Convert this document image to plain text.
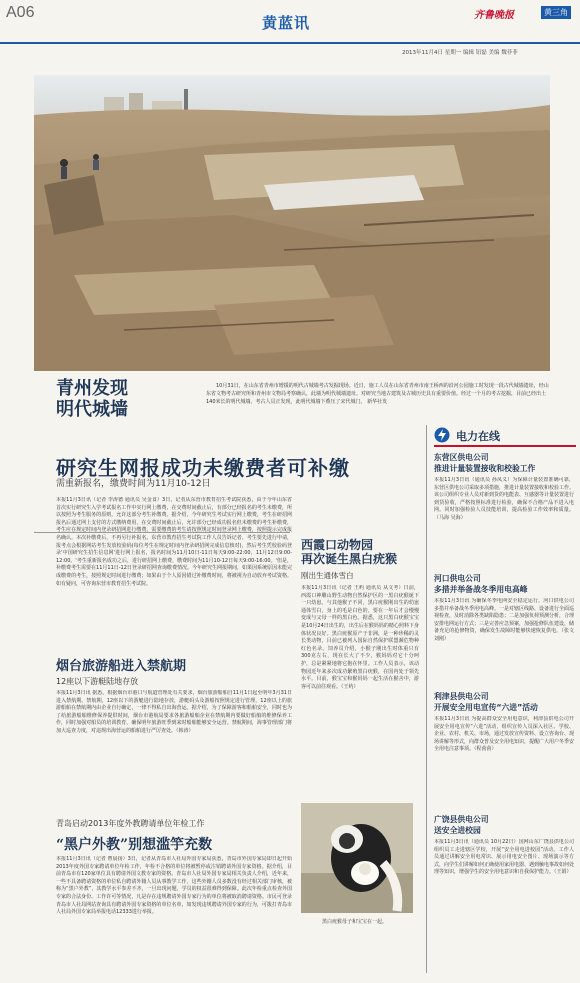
A06
黄蓝讯	齐鲁晚报	黄三角
2013年11月4日 星期一 编辑 钮磊 美编 魏菲菲
青州发现
明代城墙
10月31日，在山东省青州市增援的明代古城墙考古发掘现场。近日，施工人员在山东省青州市南王桥西的沿河公园施工时发现一段古代城墙遗址，经山东省文物考古研究所和青州市文物局考察确认，此墙为明代城墙遗址。对研究当地古建筑及古城历史具有重要价值。经过一个月的考古挖掘，目前已经出土140米长的明代城墙。考古人员正发现，此明代城墙下叠压了宋代城门。 新华社发
研究生网报成功未缴费者可补缴
需重新报名，缴费时间为11月10-12日
本报11月3日讯（记者 李涛德 通讯员 吴金食）3日，记者从东营市教育招生考试院获悉，由于今年山东省首次实行研究生入学考试报名工作中实行网上缴费，在交费时间截止后，有部分已经报名的考生未缴费，所以按照为考生服务的原则，允许这部分考生补缴费。据介绍，今年研究生考试实行网上缴费，考生在研招网报名后通过网上支付的方式缴纳费用，在交费时间截止后，允许部分已经成功报名但未缴费的考生补缴费，考生应在规定时间内登录研招网进行缴费。需要缴费的考生请按照规定时间登录网上缴费，按照提示完成报名确认。本次补缴费后，不再另行补报名。东营市教育招生考试院工作人员告诉记者，考生要先进行申请，报考点会根据网站考生发放校验码(每位考生在规定时间内登录研招网完成信息核对)，然后考生凭校验码登录'中国研究生招生信息网'进行网上报名，报名时间为11月10日-11日每天9:00-22:00，11月12日9:00-12:00。'考生重新报名成功之后，进行研招网上缴费，缴费时间为11月10-12日每天9:00-16:00。'但是，补缴费考生需要在11月11日-12日登录研招网查询缴费情况。今年研究生网报期间，如果因系统原因未能完成缴费的考生，按照规定时间进行缴费；如果由于个人原因错过补缴费时间，将被视为自动放弃考试资格。如有疑问，可咨询东营市教育招生考试院。
烟台旅游船进入禁航期
12座以下游艇陆地存放
本报11月3日讯 据悉，根据烟台市港口与航道管理处有关要求，烟台旅游船舶自11月1日起至明年3月31日进入禁航期。禁航期，12座以下的游艇进行陆地存放，游艇码头及游船按照规定进行管理，12座以上的旅游船舶在禁航期内由企业自行确定，一律不得私自出海营运。据介绍，为了保障游客和船舶安全，同时也为了给旅游船舶维修保养提供时间，烟台市港航局要求各旅游船舶企业在禁航期内要做好船舶的维修保养工作，同时加强对船员的培训教育，确保明年旅游旺季到来时船舶能够安全运营。禁航期间，海事管理部门将加大巡查力度，对违规出海营运的船舶进行严厉查处。（韩涛）
青岛启动2013年度外教聘请单位年检工作
“黑户外教”别想滥竽充数
本报11月3日讯（记者 曹晨扬）3日，记者从青岛市人社局外国专家局获悉，青岛市外国专家局即日起开始2013年度外国专家聘请单位年检工作，年检不合格的单位将被暂停或注销聘请外国专家资格。据介绍，目前青岛市有120家单位具有聘请外国文教专家的资格。青岛市人社局外国专家局相关负责人介绍，近年来，一些不具备聘请资格的单位私自聘请外籍人员从事教学工作，这些外籍人员多数没有经过相关部门审核，被称为“黑户外教”，其教学水平参差不齐，一旦出现问题，学员的权益很难得到保障。此次年检重点检查外国专家的合法身份、工作许可等情况，凡是存在违规聘请外国专家行为的单位将被取消聘请资格。市民可登录青岛市人社局网站查询具有聘请外国专家资格的单位名单，如发现违规聘请外国专家的行为，可拨打青岛市人社局外国专家局举报电话12333进行举报。
西霞口动物园
再次诞生黑白疣猴
刚出生通体雪白
本报11月3日讯（记者 王屿 通讯员 从文考）日前，西霞口神雕山野生动物自然保护区的一黑白疣猴诞下一只幼崽。与其他猴子不同，黑白疣猴刚出生的幼崽通体雪白，身上的毛是白色的，要在一年后才会慢慢变成与父母一样的黑白色。据悉，这只黑白疣猴宝宝是10月24日出生的，出生后在猴妈妈的精心照料下身体状况良好。黑白疣猴原产于非洲，是一种珍稀的灵长类动物，目前已被列入国际自然保护联盟濒危物种红色名录。饲养员介绍，小猴子刚出生时体重只有300克左右，现在长大了不少，猴妈妈对它十分呵护，总是紧紧地将它抱在怀里。工作人员表示，该动物园近年来多次成功繁殖黑白疣猴，在国内处于领先水平。目前，猴宝宝和猴妈妈一起生活在猴舍中，游客可以前往观看。（王屿）
黑白疣猴母子和宝宝在一起。
电力在线
东营区供电公司
推进计量装置接收和校验工作
本报11月3日讯（通讯员 孙凤义）为保障计量装置准确可靠，东营区供电公司采取多项措施，推进计量装置接收和校验工作。该公司组织专业人员对新到货的电能表、互感器等计量装置进行到货验收，严格按照标准进行检验，确保不合格产品不进入电网。同时加强检验人员技能培训，提高检验工作效率和质量。（马海 吴海）
河口供电公司
多措并举备战冬季用电高峰
本报11月3日讯 为确保冬季电网安全稳定运行，河口供电公司多措并举备战冬季用电高峰。一是对辖区线路、设备进行全面巡视检查，及时消除各类缺陷隐患；二是加强负荷预测分析，合理安排电网运行方式；三是完善应急预案，加强抢修队伍建设，储备充足的抢修物资，确保发生故障时能够快速恢复供电。（张文 刘刚）
利津县供电公司
开展安全用电宣传“六进”活动
本报11月3日讯 为提高群众安全用电意识，利津县供电公司开展安全用电宣传“六进”活动，组织宣传人员深入社区、学校、企业、农村、机关、市场，通过发放宣传资料、设立咨询台、现场讲解等形式，向群众普及安全用电知识，提醒广大用户冬季安全用电注意事项。（程茵茵）
广饶县供电公司
送安全进校园
本报11月3日讯（通讯员 10月22日）国网山东广饶县供电公司组织员工走进辖区学校，开展“安全用电进校园”活动。工作人员通过讲解安全用电常识、展示用电安全图片、现场演示等方式，向学生们讲解如何正确使用家用电器、遇到触电事故如何处理等知识，增强学生的安全用电意识和自我保护能力。（王娟）
